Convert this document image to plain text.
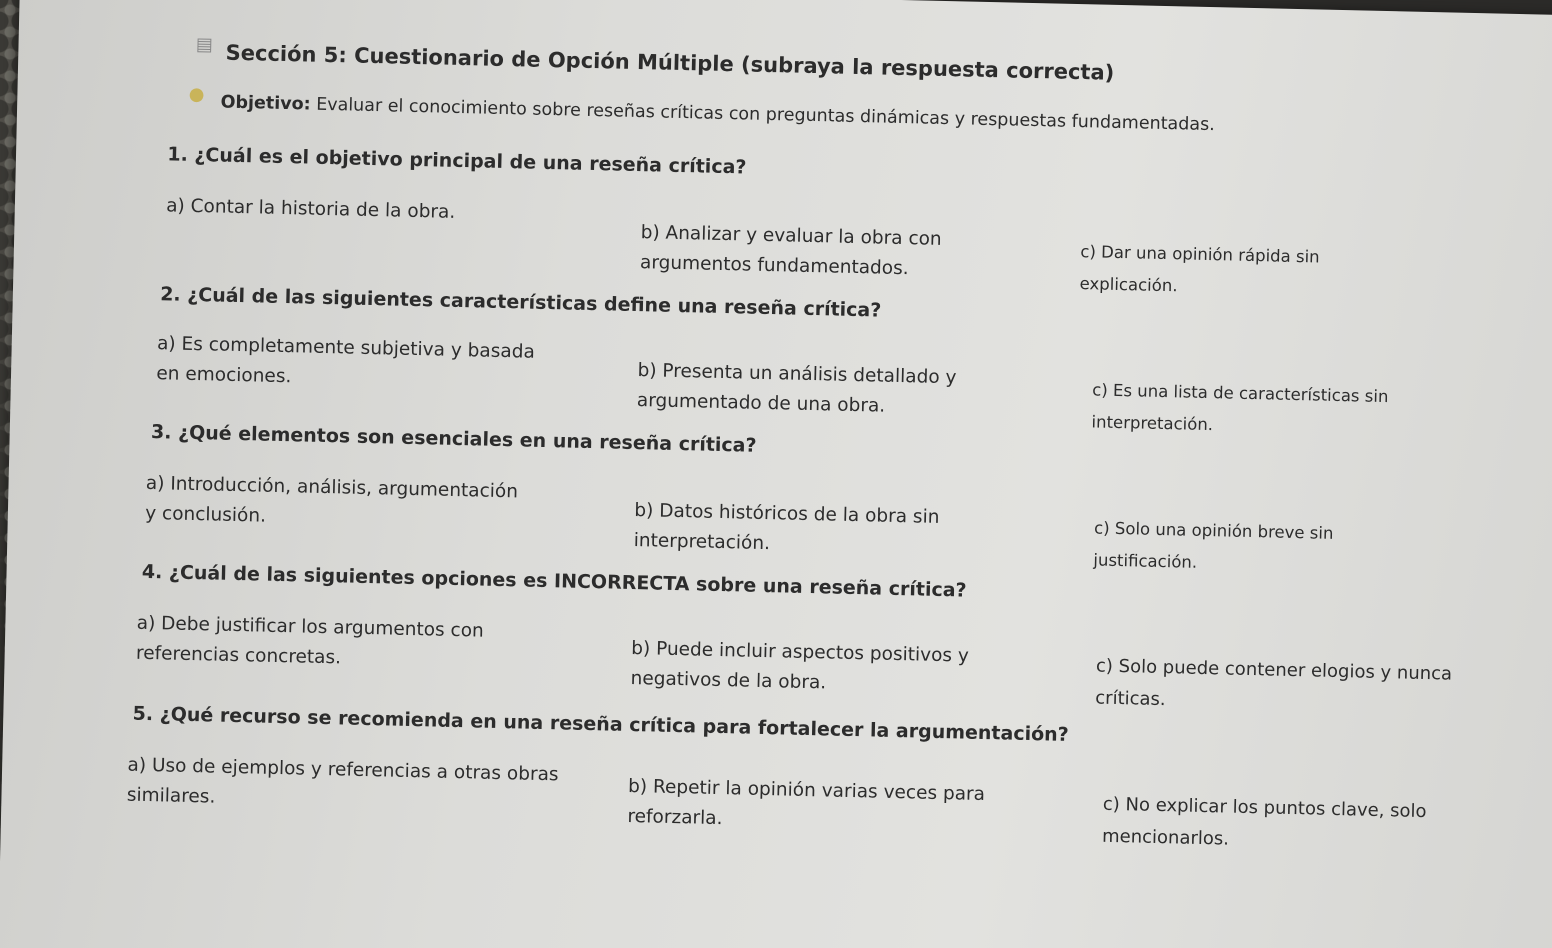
▤ Sección 5: Cuestionario de Opción Múltiple (subraya la respuesta correcta)
● Objetivo: Evaluar el conocimiento sobre reseñas críticas con preguntas dinámicas y respuestas fundamentadas.
1. ¿Cuál es el objetivo principal de una reseña crítica?
a) Contar la historia de la obra.
b) Analizar y evaluar la obra con argumentos fundamentados.	c) Dar una opinión rápida sin explicación.
2. ¿Cuál de las siguientes características define una reseña crítica?
a) Es completamente subjetiva y basada en emociones.	b) Presenta un análisis detallado y argumentado de una obra.	c) Es una lista de características sin interpretación.
3. ¿Qué elementos son esenciales en una reseña crítica?
a) Introducción, análisis, argumentación y conclusión.	b) Datos históricos de la obra sin interpretación.	c) Solo una opinión breve sin justificación.
4. ¿Cuál de las siguientes opciones es INCORRECTA sobre una reseña crítica?
a) Debe justificar los argumentos con referencias concretas.	b) Puede incluir aspectos positivos y negativos de la obra.	c) Solo puede contener elogios y nunca críticas.
5. ¿Qué recurso se recomienda en una reseña crítica para fortalecer la argumentación?
a) Uso de ejemplos y referencias a otras obras similares.	b) Repetir la opinión varias veces para reforzarla.	c) No explicar los puntos clave, solo mencionarlos.
